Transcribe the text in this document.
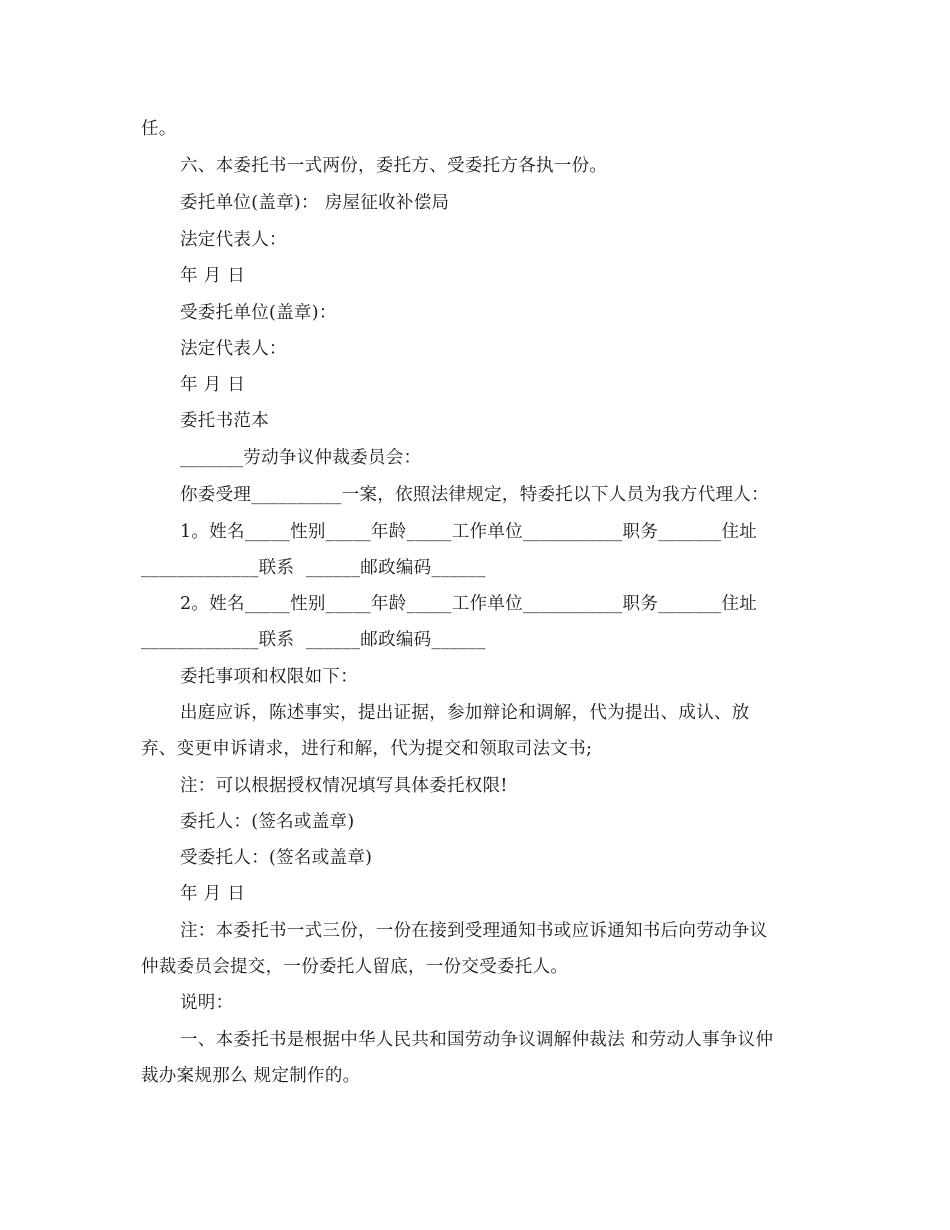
任。
六、本委托书一式两份，委托方、受委托方各执一份。
委托单位(盖章)： 房屋征收补偿局
法定代表人：
年 月 日
受委托单位(盖章)：
法定代表人：
年 月 日
委托书范本
_______劳动争议仲裁委员会：
你委受理__________一案，依照法律规定，特委托以下人员为我方代理人：
1。姓名_____性别_____年龄_____工作单位___________职务_______住址
_____________联系  ______邮政编码______
2。姓名_____性别_____年龄_____工作单位___________职务_______住址
_____________联系  ______邮政编码______
委托事项和权限如下：
出庭应诉，陈述事实，提出证据，参加辩论和调解，代为提出、成认、放
弃、变更申诉请求，进行和解，代为提交和领取司法文书;
注：可以根据授权情况填写具体委托权限!
委托人：(签名或盖章)
受委托人：(签名或盖章)
年 月 日
注：本委托书一式三份，一份在接到受理通知书或应诉通知书后向劳动争议
仲裁委员会提交，一份委托人留底，一份交受委托人。
说明：
一、本委托书是根据中华人民共和国劳动争议调解仲裁法 和劳动人事争议仲
裁办案规那么 规定制作的。
